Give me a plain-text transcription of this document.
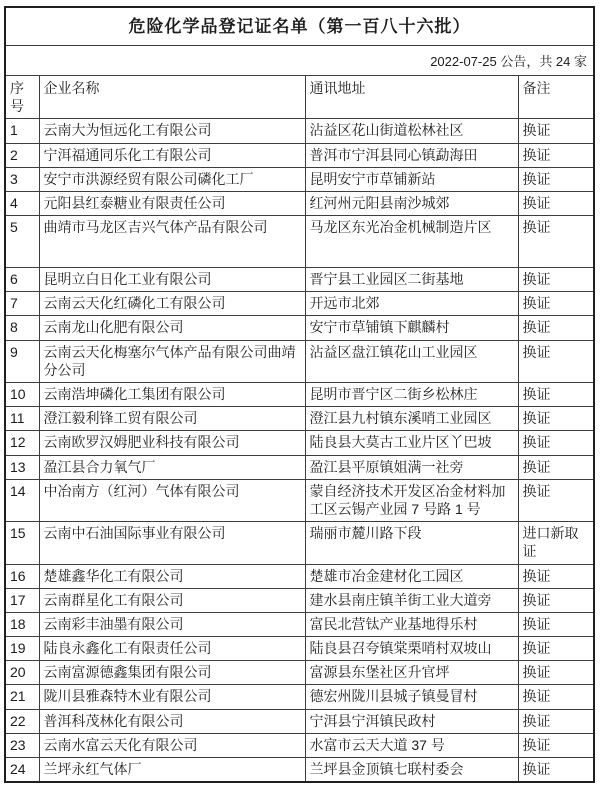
危险化学品登记证名单（第一百八十六批）			
2022-07-25 公告，共 24 家			
序号	企业名称	通讯地址	备注
1	云南大为恒远化工有限公司	沾益区花山街道松林社区	换证
2	宁洱福通同乐化工有限公司	普洱市宁洱县同心镇勐海田	换证
3	安宁市洪源经贸有限公司磷化工厂	昆明安宁市草铺新站	换证
4	元阳县红泰糖业有限责任公司	红河州元阳县南沙城郊	换证
5	曲靖市马龙区吉兴气体产品有限公司	马龙区东光冶金机械制造片区	换证
6	昆明立白日化工业有限公司	晋宁县工业园区二街基地	换证
7	云南云天化红磷化工有限公司	开远市北郊	换证
8	云南龙山化肥有限公司	安宁市草铺镇下麒麟村	换证
9	云南云天化梅塞尔气体产品有限公司曲靖分公司	沾益区盘江镇花山工业园区	换证
10	云南浩坤磷化工集团有限公司	昆明市晋宁区二街乡松林庄	换证
11	澄江毅利锋工贸有限公司	澄江县九村镇东溪哨工业园区	换证
12	云南欧罗汉姆肥业科技有限公司	陆良县大莫古工业片区丫巴坡	换证
13	盈江县合力氧气厂	盈江县平原镇姐满一社旁	换证
14	中冶南方（红河）气体有限公司	蒙自经济技术开发区冶金材料加工区云锡产业园 7 号路 1 号	换证
15	云南中石油国际事业有限公司	瑞丽市麓川路下段	进口新取证
16	楚雄鑫华化工有限公司	楚雄市冶金建材化工园区	换证
17	云南群星化工有限公司	建水县南庄镇羊街工业大道旁	换证
18	云南彩丰油墨有限公司	富民北营钛产业基地得乐村	换证
19	陆良永鑫化工有限责任公司	陆良县召夸镇棠栗哨村双坡山	换证
20	云南富源德鑫集团有限公司	富源县东堡社区升官坪	换证
21	陇川县雅森特木业有限公司	德宏州陇川县城子镇曼冒村	换证
22	普洱科茂林化有限公司	宁洱县宁洱镇民政村	换证
23	云南水富云天化有限公司	水富市云天大道 37 号	换证
24	兰坪永红气体厂	兰坪县金顶镇七联村委会	换证
